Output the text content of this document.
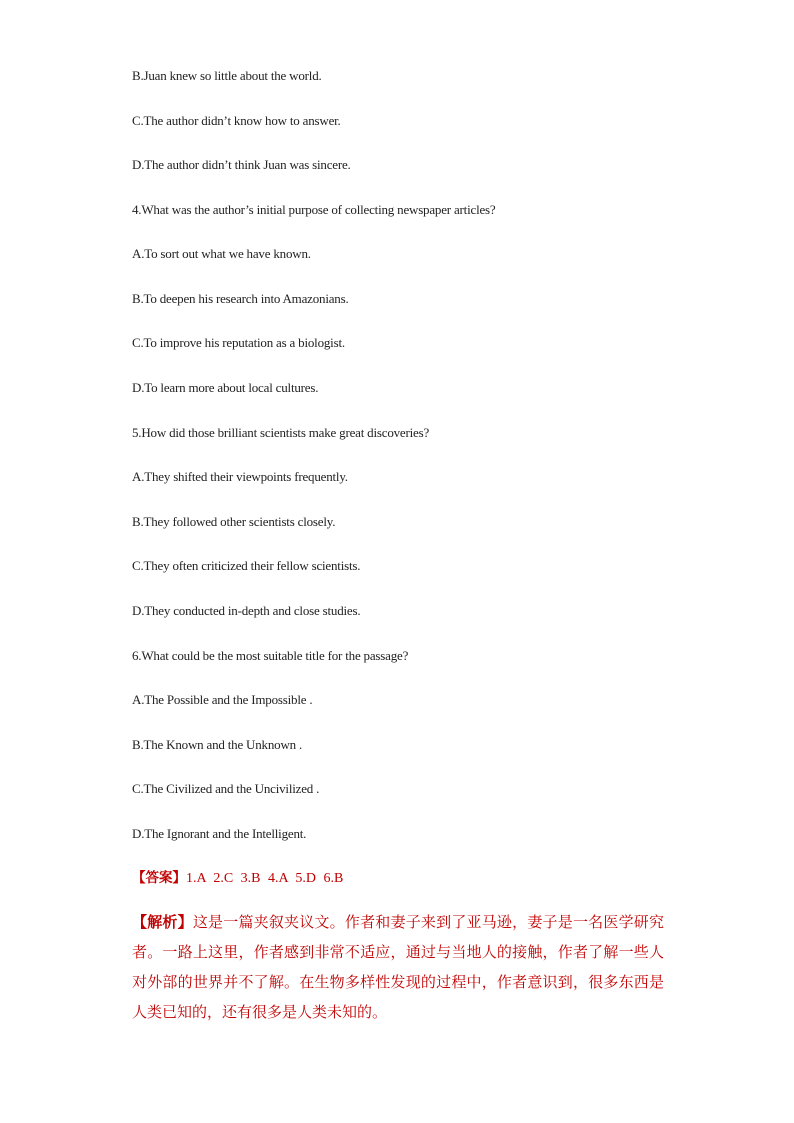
B.Juan knew so little about the world.
C.The author didn’t know how to answer.
D.The author didn’t think Juan was sincere.
4.What was the author’s initial purpose of collecting newspaper articles?
A.To sort out what we have known.
B.To deepen his research into Amazonians.
C.To improve his reputation as a biologist.
D.To learn more about local cultures.
5.How did those brilliant scientists make great discoveries?
A.They shifted their viewpoints frequently.
B.They followed other scientists closely.
C.They often criticized their fellow scientists.
D.They conducted in-depth and close studies.
6.What could be the most suitable title for the passage?
A.The Possible and the Impossible .
B.The Known and the Unknown .
C.The Civilized and the Uncivilized .
D.The Ignorant and the Intelligent.
【答案】1.A 2.C 3.B 4.A 5.D 6.B
【解析】这是一篇夹叙夹议文。作者和妻子来到了亚马逊，妻子是一名医学研究者。一路上这里，作者感到非常不适应，通过与当地人的接触，作者了解一些人对外部的世界并不了解。在生物多样性发现的过程中，作者意识到，很多东西是人类已知的，还有很多是人类未知的。
